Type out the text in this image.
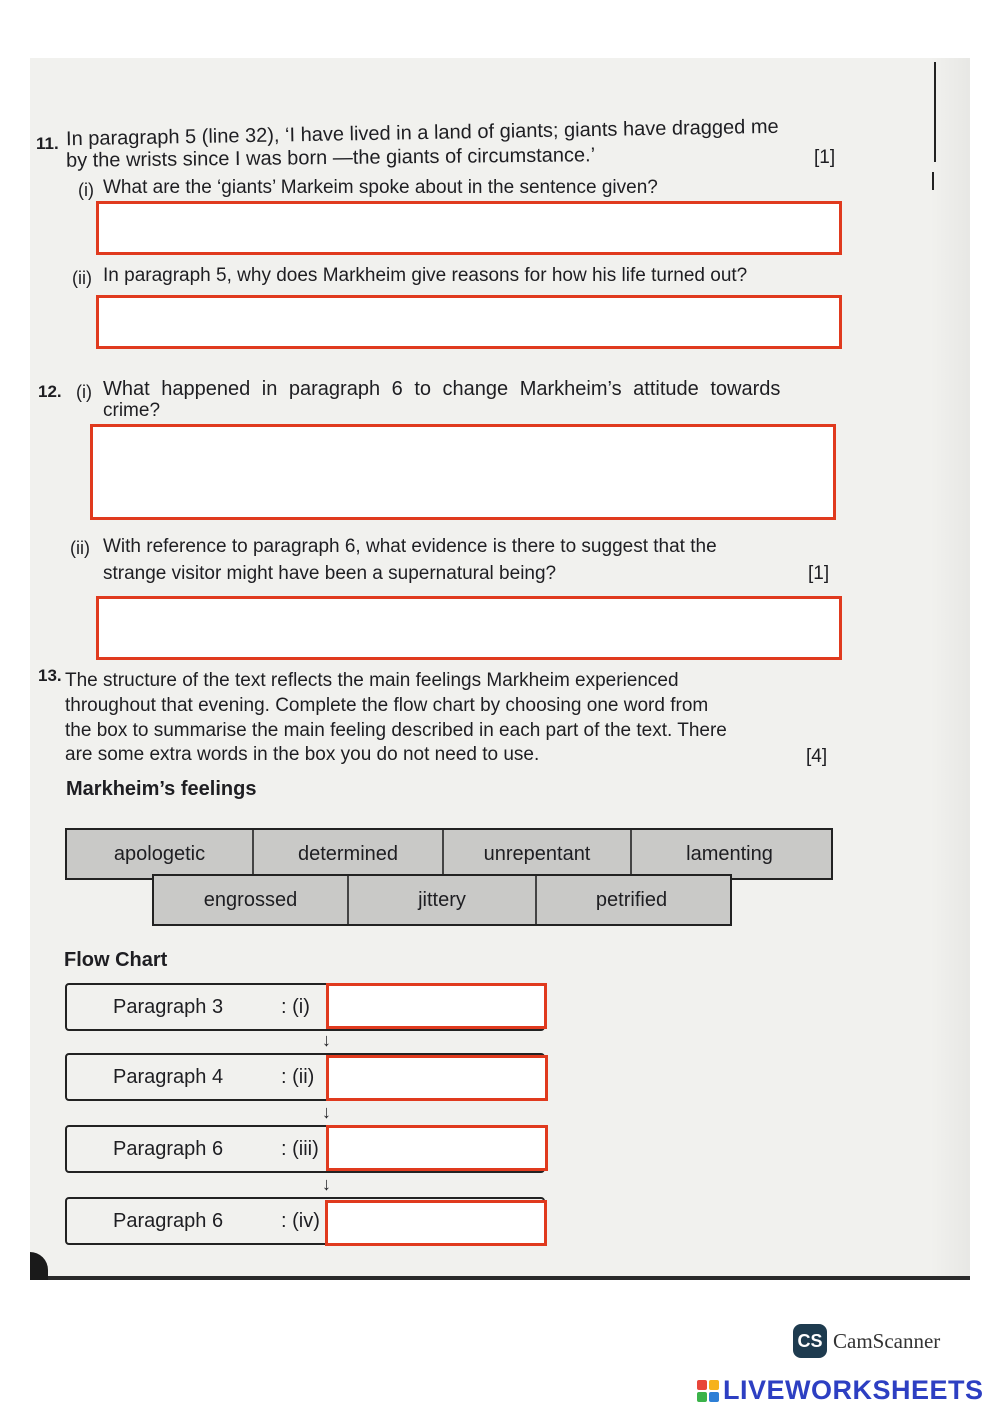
11. In paragraph 5 (line 32), ‘I have lived in a land of giants; giants have dragged me
by the wrists since I was born —the giants of circumstance.’	[1]
(i) What are the ‘giants’ Markeim spoke about in the sentence given?
(ii) In paragraph 5, why does Markheim give reasons for how his life turned out?
12. (i) What happened in paragraph 6 to change Markheim’s attitude towards
crime?
(ii) With reference to paragraph 6, what evidence is there to suggest that the
strange visitor might have been a supernatural being?	[1]
13. The structure of the text reflects the main feelings Markheim experienced
throughout that evening. Complete the flow chart by choosing one word from
the box to summarise the main feeling described in each part of the text. There
are some extra words in the box you do not need to use.	[4]
Markheim’s feelings
apologetic	determined	unrepentant	lamenting
engrossed	jittery	petrified
Flow Chart
Paragraph 3	: (i)
↓
Paragraph 4	: (ii)
↓
Paragraph 6	: (iii)
↓
Paragraph 6	: (iv)
CS CamScanner
LIVEWORKSHEETS
